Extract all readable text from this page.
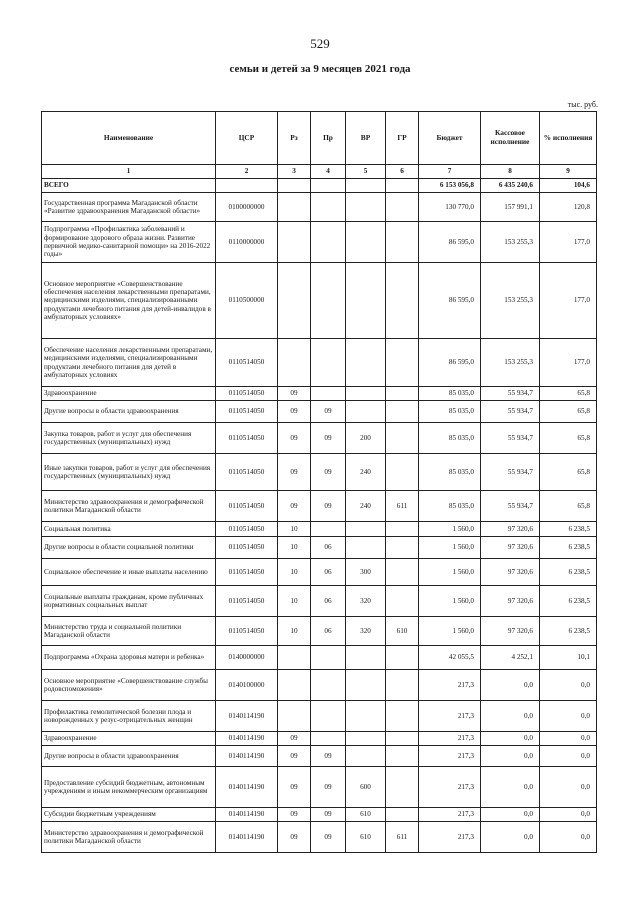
529
семьи и детей за 9 месяцев 2021 года
тыс. руб.
Наименование	ЦСР	Рз	Пр	ВР	ГР	Бюджет	Кассовое исполнение	% исполнения
1	2	3	4	5	6	7	8	9
ВСЕГО						6 153 056,8	6 435 240,6	104,6
Государственная программа Магаданской области «Развитие здравоохранения Магаданской области»	0100000000					130 770,0	157 991,1	120,8
Подпрограмма «Профилактика заболеваний и формирование здорового образа жизни. Развитие первичной медико-санитарной помощи» на 2016-2022 годы»	0110000000					86 595,0	153 255,3	177,0
Основное мероприятие «Совершенствование обеспечения населения лекарственными препаратами, медицинскими изделиями, специализированными продуктами лечебного питания для детей-инвалидов в амбулаторных условиях»	0110500000					86 595,0	153 255,3	177,0
Обеспечение населения лекарственными препаратами, медицинскими изделиями, специализированными продуктами лечебного питания для детей в амбулаторных условиях	0110514050					86 595,0	153 255,3	177,0
Здравоохранение	0110514050	09				85 035,0	55 934,7	65,8
Другие вопросы в области здравоохранения	0110514050	09	09			85 035,0	55 934,7	65,8
Закупка товаров, работ и услуг для обеспечения государственных (муниципальных) нужд	0110514050	09	09	200		85 035,0	55 934,7	65,8
Иные закупки товаров, работ и услуг для обеспечения государственных (муниципальных) нужд	0110514050	09	09	240		85 035,0	55 934,7	65,8
Министерство здравоохранения и демографической политики Магаданской области	0110514050	09	09	240	611	85 035,0	55 934,7	65,8
Социальная политика	0110514050	10				1 560,0	97 320,6	6 238,5
Другие вопросы в области социальной политики	0110514050	10	06			1 560,0	97 320,6	6 238,5
Социальное обеспечение и иные выплаты населению	0110514050	10	06	300		1 560,0	97 320,6	6 238,5
Социальные выплаты гражданам, кроме публичных нормативных социальных выплат	0110514050	10	06	320		1 560,0	97 320,6	6 238,5
Министерство труда и социальной политики Магаданской области	0110514050	10	06	320	610	1 560,0	97 320,6	6 238,5
Подпрограмма «Охрана здоровья матери и ребенка»	0140000000					42 055,5	4 252,1	10,1
Основное мероприятие «Совершенствование службы родовспоможения»	0140100000					217,3	0,0	0,0
Профилактика гемолитической болезни плода и новорожденных у резус-отрицательных женщин	0140114190					217,3	0,0	0,0
Здравоохранение	0140114190	09				217,3	0,0	0,0
Другие вопросы в области здравоохранения	0140114190	09	09			217,3	0,0	0,0
Предоставление субсидий бюджетным, автономным учреждениям и иным некоммерческим организациям	0140114190	09	09	600		217,3	0,0	0,0
Субсидии бюджетным учреждениям	0140114190	09	09	610		217,3	0,0	0,0
Министерство здравоохранения и демографической политики Магаданской области	0140114190	09	09	610	611	217,3	0,0	0,0
